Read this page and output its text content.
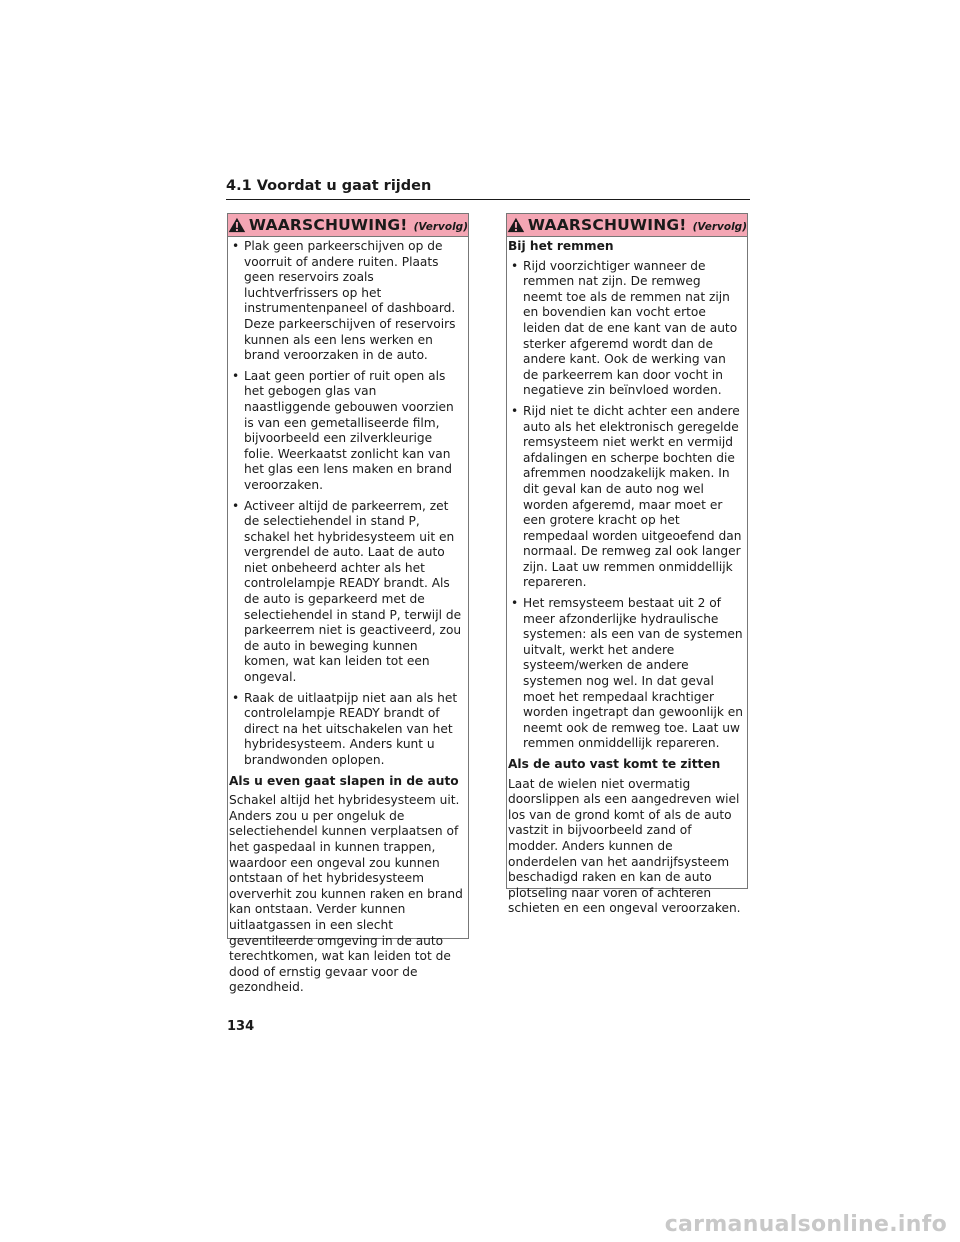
4.1 Voordat u gaat rijden
WAARSCHUWING! (Vervolg)
• Plak geen parkeerschijven op de voorruit of andere ruiten. Plaats geen reservoirs zoals luchtverfrissers op het instrumentenpaneel of dashboard. Deze parkeerschijven of reservoirs kunnen als een lens werken en brand veroorzaken in de auto.
• Laat geen portier of ruit open als het gebogen glas van naastliggende gebouwen voorzien is van een gemetalliseerde film, bijvoorbeeld een zilverkleurige folie. Weerkaatst zonlicht kan van het glas een lens maken en brand veroorzaken.
• Activeer altijd de parkeerrem, zet de selectiehendel in stand P, schakel het hybridesysteem uit en vergrendel de auto. Laat de auto niet onbeheerd achter als het controlelampje READY brandt. Als de auto is geparkeerd met de selectiehendel in stand P, terwijl de parkeerrem niet is geactiveerd, zou de auto in beweging kunnen komen, wat kan leiden tot een ongeval.
• Raak de uitlaatpijp niet aan als het controlelampje READY brandt of direct na het uitschakelen van het hybridesysteem. Anders kunt u brandwonden oplopen.
Als u even gaat slapen in de auto
Schakel altijd het hybridesysteem uit. Anders zou u per ongeluk de selectiehendel kunnen verplaatsen of het gaspedaal in kunnen trappen, waardoor een ongeval zou kunnen ontstaan of het hybridesysteem oververhit zou kunnen raken en brand kan ontstaan. Verder kunnen uitlaatgassen in een slecht geventileerde omgeving in de auto terechtkomen, wat kan leiden tot de dood of ernstig gevaar voor de gezondheid.
WAARSCHUWING! (Vervolg)
Bij het remmen
• Rijd voorzichtiger wanneer de remmen nat zijn. De remweg neemt toe als de remmen nat zijn en bovendien kan vocht ertoe leiden dat de ene kant van de auto sterker afgeremd wordt dan de andere kant. Ook de werking van de parkeerrem kan door vocht in negatieve zin beïnvloed worden.
• Rijd niet te dicht achter een andere auto als het elektronisch geregelde remsysteem niet werkt en vermijd afdalingen en scherpe bochten die afremmen noodzakelijk maken. In dit geval kan de auto nog wel worden afgeremd, maar moet er een grotere kracht op het rempedaal worden uitgeoefend dan normaal. De remweg zal ook langer zijn. Laat uw remmen onmiddellijk repareren.
• Het remsysteem bestaat uit 2 of meer afzonderlijke hydraulische systemen: als een van de systemen uitvalt, werkt het andere systeem/werken de andere systemen nog wel. In dat geval moet het rempedaal krachtiger worden ingetrapt dan gewoonlijk en neemt ook de remweg toe. Laat uw remmen onmiddellijk repareren.
Als de auto vast komt te zitten
Laat de wielen niet overmatig doorslippen als een aangedreven wiel los van de grond komt of als de auto vastzit in bijvoorbeeld zand of modder. Anders kunnen de onderdelen van het aandrijfsysteem beschadigd raken en kan de auto plotseling naar voren of achteren schieten en een ongeval veroorzaken.
134
carmanualsonline.info
